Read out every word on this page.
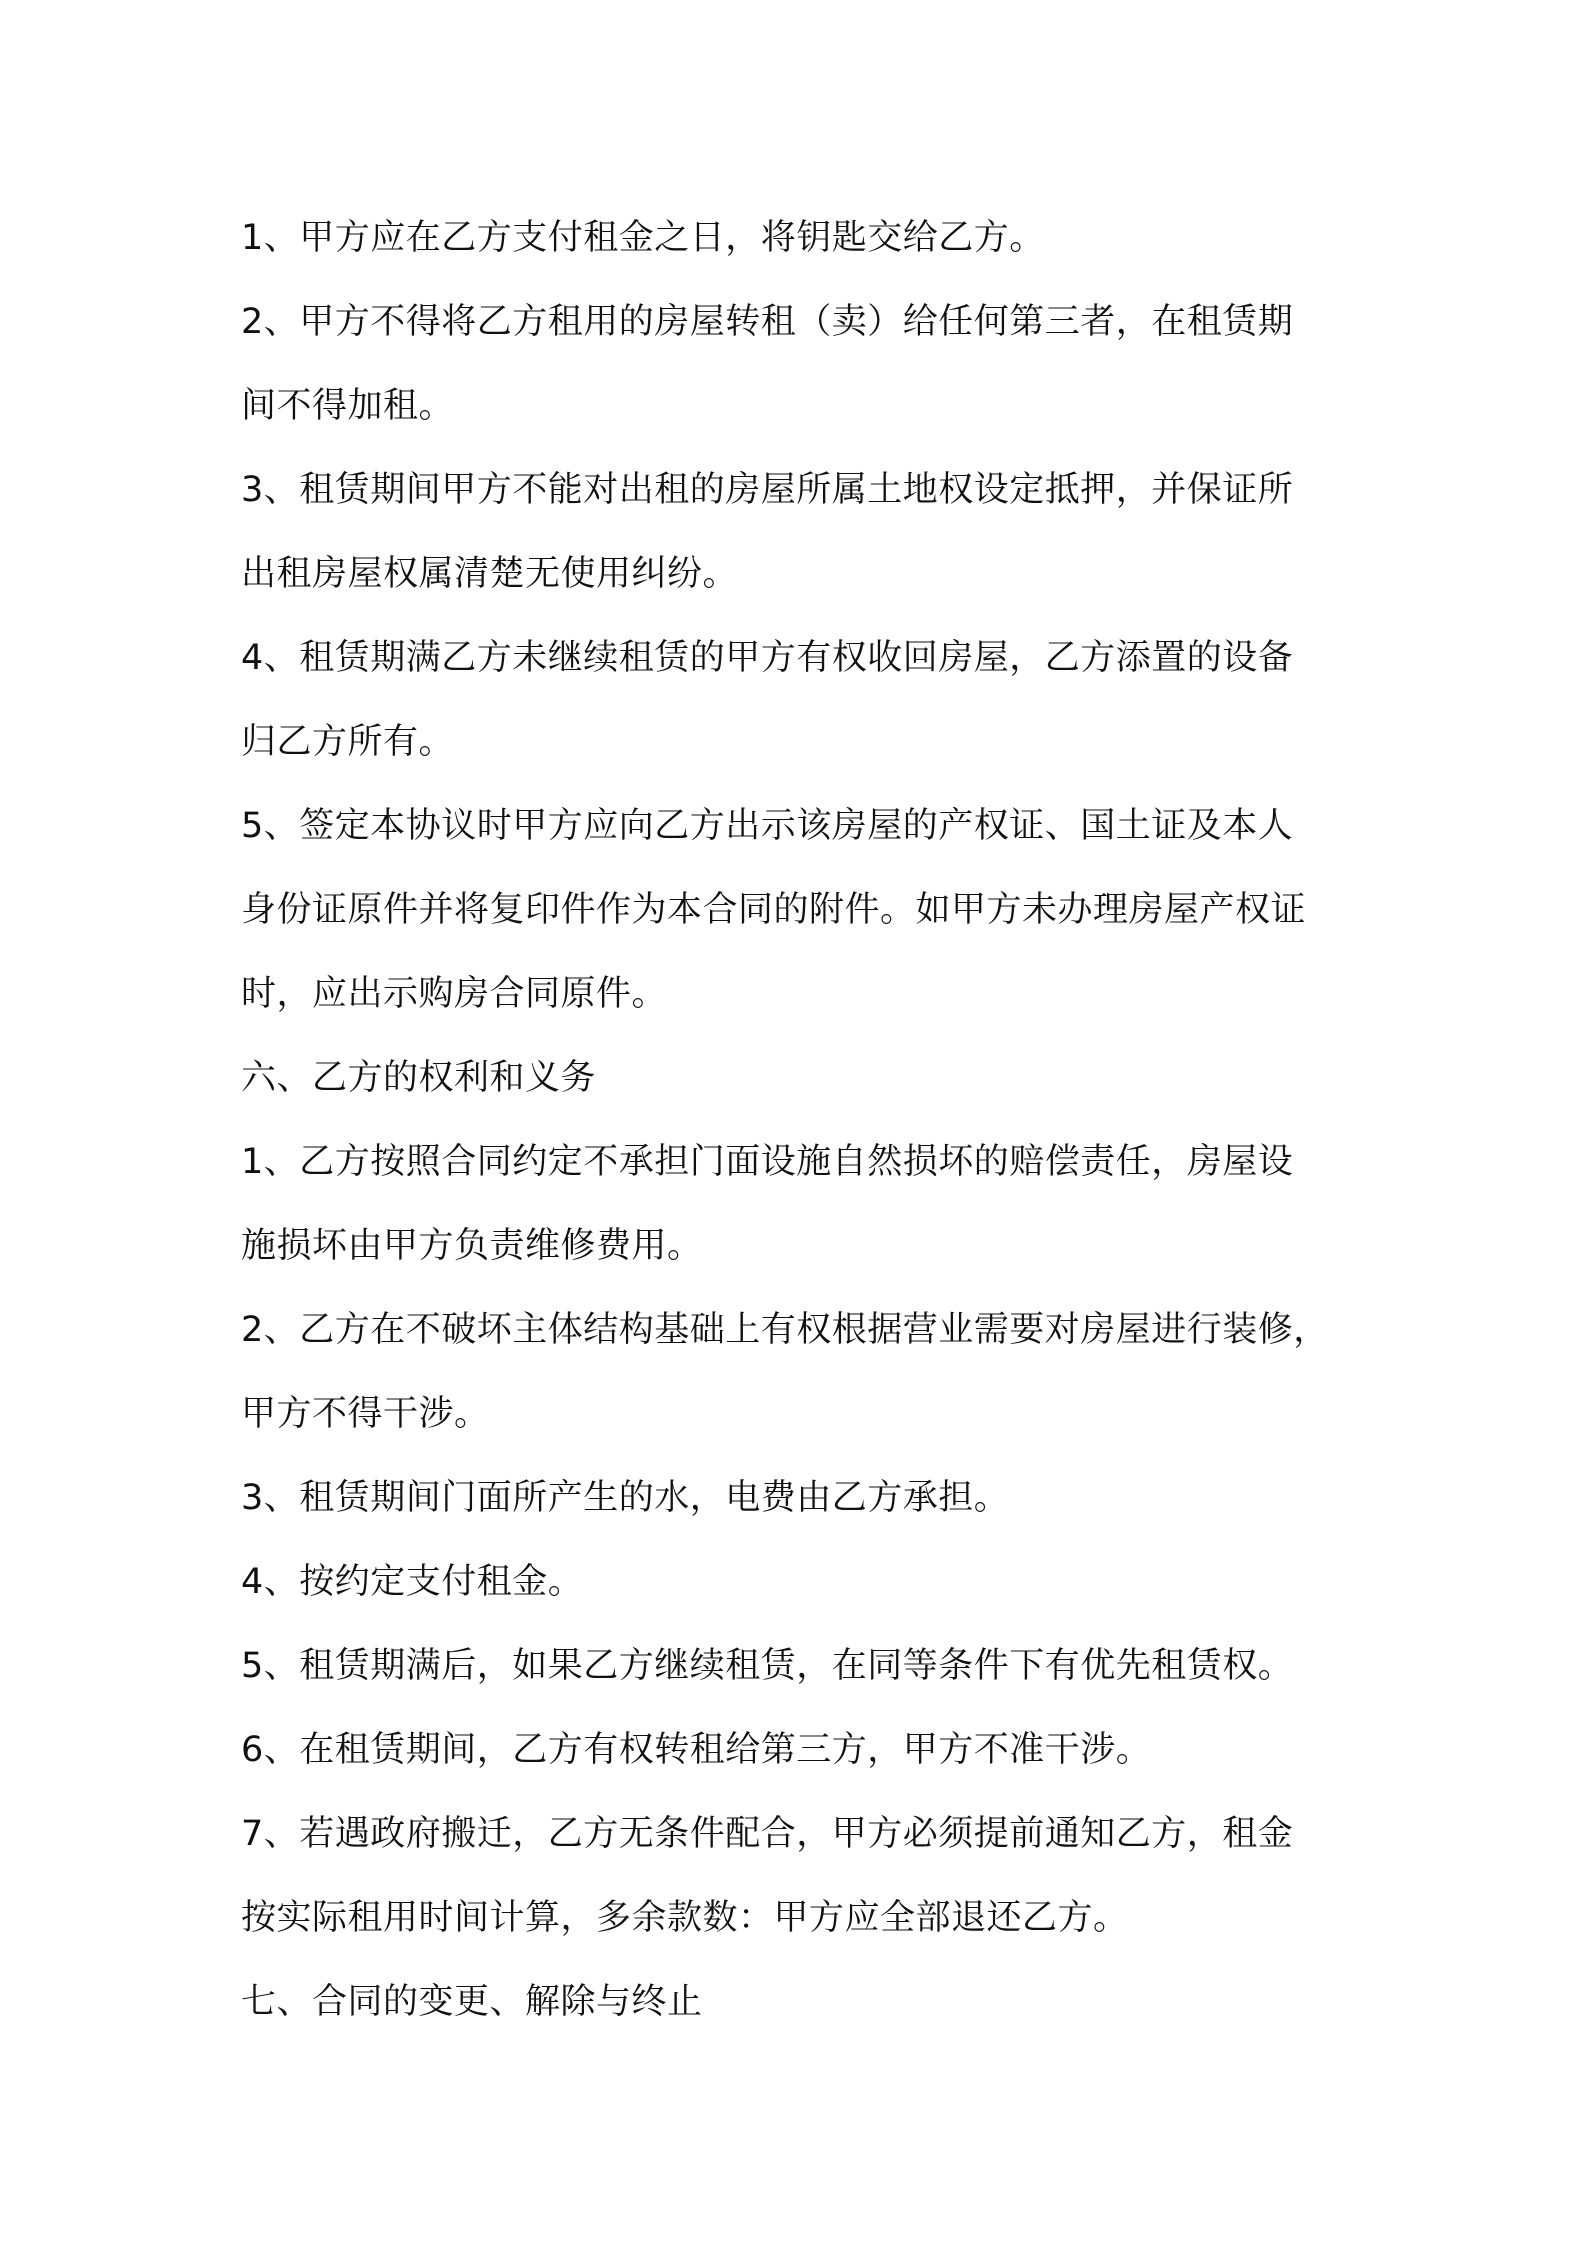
1、甲方应在乙方支付租金之日，将钥匙交给乙方。
2、甲方不得将乙方租用的房屋转租（卖）给任何第三者，在租赁期
间不得加租。
3、租赁期间甲方不能对出租的房屋所属土地权设定抵押，并保证所
出租房屋权属清楚无使用纠纷。
4、租赁期满乙方未继续租赁的甲方有权收回房屋，乙方添置的设备
归乙方所有。
5、签定本协议时甲方应向乙方出示该房屋的产权证、国土证及本人
身份证原件并将复印件作为本合同的附件。如甲方未办理房屋产权证
时，应出示购房合同原件。
六、乙方的权利和义务
1、乙方按照合同约定不承担门面设施自然损坏的赔偿责任，房屋设
施损坏由甲方负责维修费用。
2、乙方在不破坏主体结构基础上有权根据营业需要对房屋进行装修，
甲方不得干涉。
3、租赁期间门面所产生的水，电费由乙方承担。
4、按约定支付租金。
5、租赁期满后，如果乙方继续租赁，在同等条件下有优先租赁权。
6、在租赁期间，乙方有权转租给第三方，甲方不准干涉。
7、若遇政府搬迁，乙方无条件配合，甲方必须提前通知乙方，租金
按实际租用时间计算，多余款数：甲方应全部退还乙方。
七、合同的变更、解除与终止
